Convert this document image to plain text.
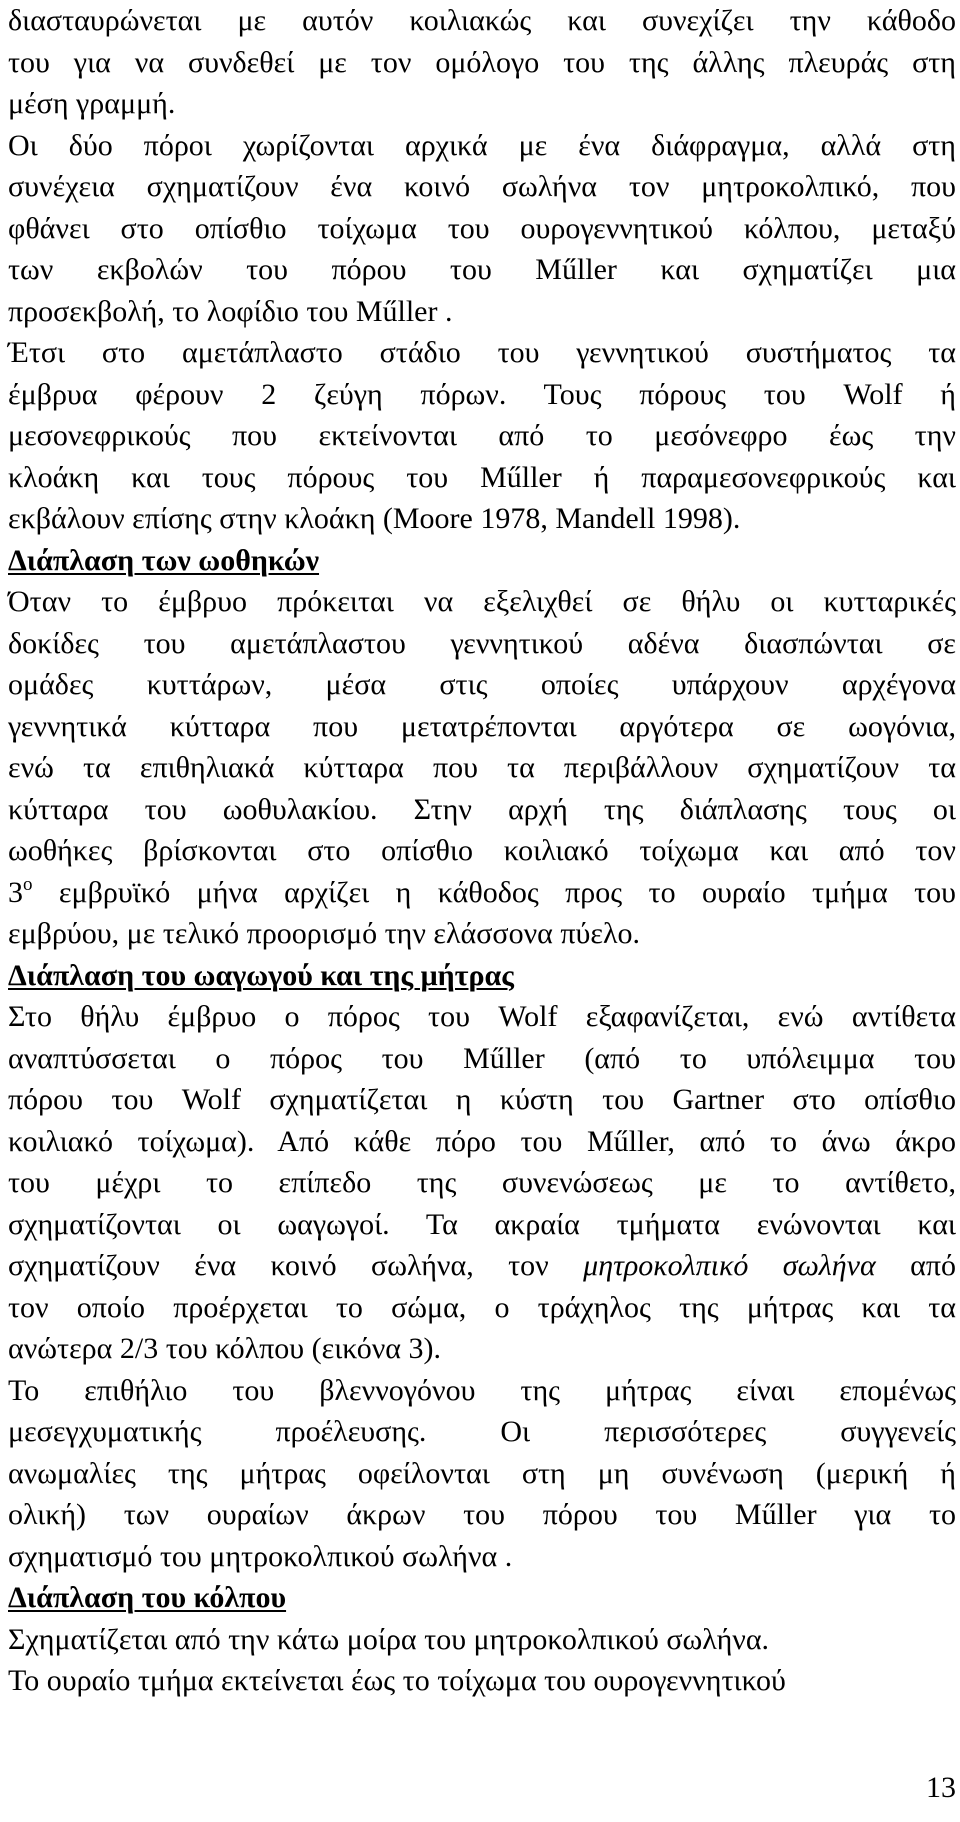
διασταυρώνεται με αυτόν κοιλιακώς και συνεχίζει την κάθοδο
του για να συνδεθεί με τον ομόλογο του της άλλης πλευράς στη
μέση γραμμή.
Οι δύο πόροι χωρίζονται αρχικά με ένα διάφραγμα, αλλά στη
συνέχεια σχηματίζουν ένα κοινό σωλήνα τον μητροκολπικό, που
φθάνει στο οπίσθιο τοίχωμα του ουρογεννητικού κόλπου, μεταξύ
των εκβολών του πόρου του Műller και σχηματίζει μια
προσεκβολή, το λοφίδιο του Műller .
Έτσι στο αμετάπλαστο στάδιο του γεννητικού συστήματος τα
έμβρυα φέρουν 2 ζεύγη πόρων. Τους πόρους του Wolf ή
μεσονεφρικούς που εκτείνονται από το μεσόνεφρο έως την
κλοάκη και τους πόρους του Műller ή παραμεσονεφρικούς και
εκβάλουν επίσης στην κλοάκη (Moore 1978, Mandell 1998).
Διάπλαση των ωοθηκών
Όταν το έμβρυο πρόκειται να εξελιχθεί σε θήλυ οι κυτταρικές
δοκίδες του αμετάπλαστου γεννητικού αδένα διασπώνται σε
ομάδες κυττάρων, μέσα στις οποίες υπάρχουν αρχέγονα
γεννητικά κύτταρα που μετατρέπονται αργότερα σε ωογόνια,
ενώ τα επιθηλιακά κύτταρα που τα περιβάλλουν σχηματίζουν τα
κύτταρα του ωοθυλακίου. Στην αρχή της διάπλασης τους οι
ωοθήκες βρίσκονται στο οπίσθιο κοιλιακό τοίχωμα και από τον
$3^o$ εμβρυϊκό μήνα αρχίζει η κάθοδος προς το ουραίο τμήμα του
εμβρύου, με τελικό προορισμό την ελάσσονα πύελο.
Διάπλαση του ωαγωγού και της μήτρας
Στο θήλυ έμβρυο ο πόρος του Wolf εξαφανίζεται, ενώ αντίθετα
αναπτύσσεται ο πόρος του Műller (από το υπόλειμμα του
πόρου του Wolf σχηματίζεται η κύστη του Gartner στο οπίσθιο
κοιλιακό τοίχωμα). Από κάθε πόρο του Műller, από το άνω άκρο
του μέχρι το επίπεδο της συνενώσεως με το αντίθετο,
σχηματίζονται οι ωαγωγοί. Τα ακραία τμήματα ενώνονται και
σχηματίζουν ένα κοινό σωλήνα, τον μητροκολπικό σωλήνα από
τον οποίο προέρχεται το σώμα, ο τράχηλος της μήτρας και τα
ανώτερα 2/3 του κόλπου (εικόνα 3).
Το επιθήλιο του βλεννογόνου της μήτρας είναι επομένως
μεσεγχυματικής προέλευσης. Οι περισσότερες συγγενείς
ανωμαλίες της μήτρας οφείλονται στη μη συνένωση (μερική ή
ολική) των ουραίων άκρων του πόρου του Műller για το
σχηματισμό του μητροκολπικού σωλήνα .
Διάπλαση του κόλπου
Σχηματίζεται από την κάτω μοίρα του μητροκολπικού σωλήνα.
Το ουραίο τμήμα εκτείνεται έως το τοίχωμα του ουρογεννητικού
13
